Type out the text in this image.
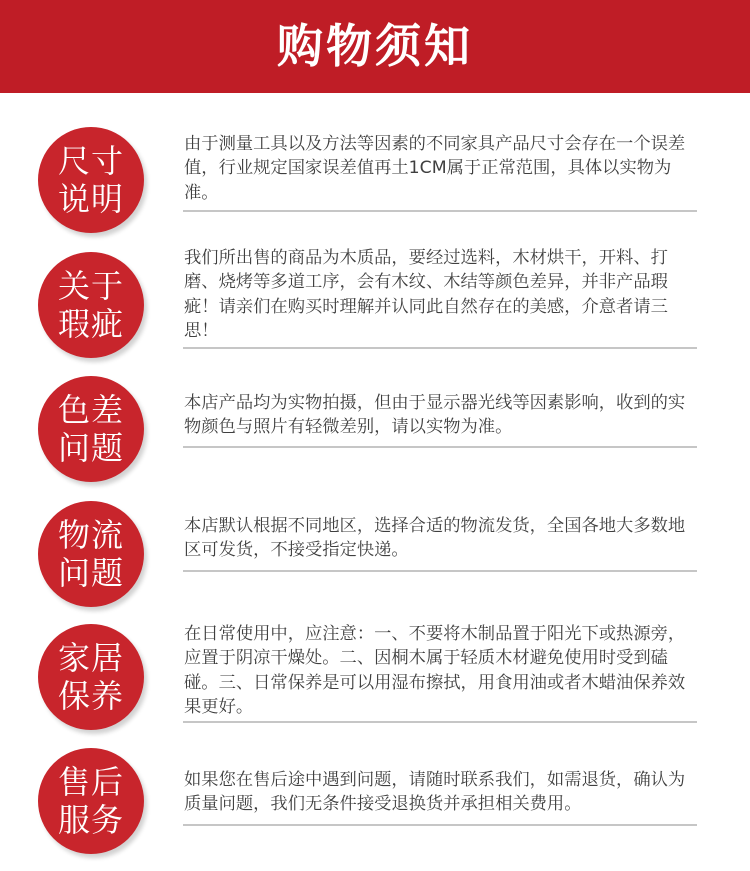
购物须知
尺寸
说明
由于测量工具以及方法等因素的不同家具产品尺寸会存在一个误差值，行业规定国家误差值再土1CM属于正常范围，具体以实物为准。
关于
瑕疵
我们所出售的商品为木质品，要经过选料，木材烘干，开料、打磨、烧烤等多道工序，会有木纹、木结等颜色差异，并非产品瑕疵！请亲们在购买时理解并认同此自然存在的美感，介意者请三思！
色差
问题
本店产品均为实物拍摄，但由于显示器光线等因素影响，收到的实物颜色与照片有轻微差别，请以实物为准。
物流
问题
本店默认根据不同地区，选择合适的物流发货，全国各地大多数地区可发货，不接受指定快递。
家居
保养
在日常使用中，应注意：一、不要将木制品置于阳光下或热源旁，应置于阴凉干燥处。二、因桐木属于轻质木材避免使用时受到磕碰。三、日常保养是可以用湿布擦拭，用食用油或者木蜡油保养效果更好。
售后
服务
如果您在售后途中遇到问题，请随时联系我们，如需退货，确认为质量问题，我们无条件接受退换货并承担相关费用。
